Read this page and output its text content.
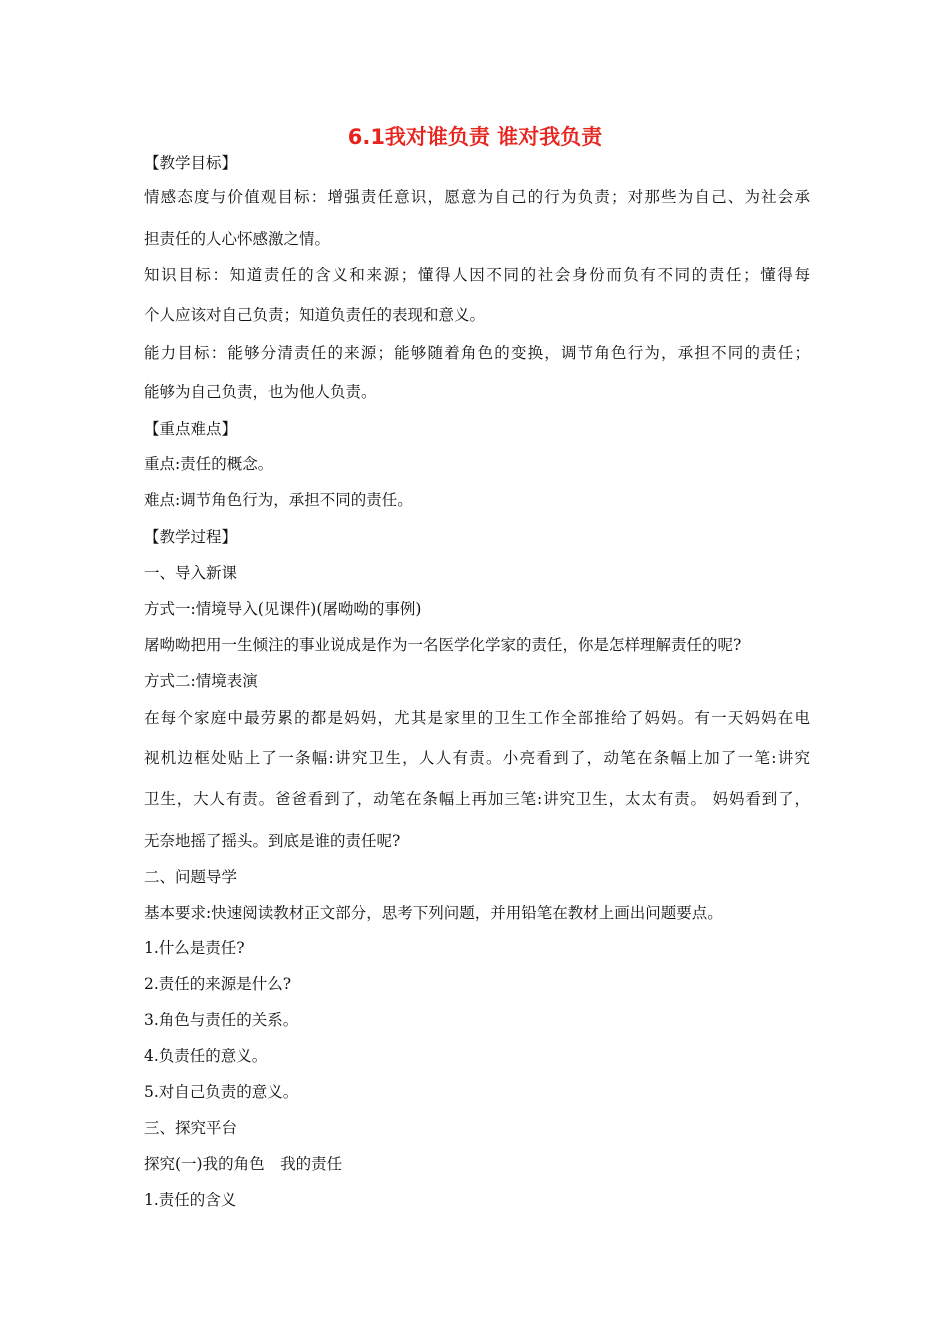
6.1我对谁负责 谁对我负责
【教学目标】
情感态度与价值观目标：增强责任意识，愿意为自己的行为负责；对那些为自己、为社会承
担责任的人心怀感激之情。
知识目标：知道责任的含义和来源；懂得人因不同的社会身份而负有不同的责任；懂得每
个人应该对自己负责；知道负责任的表现和意义。
能力目标：能够分清责任的来源；能够随着角色的变换，调节角色行为，承担不同的责任；
能够为自己负责，也为他人负责。
【重点难点】
重点:责任的概念。
难点:调节角色行为，承担不同的责任。
【教学过程】
一、导入新课
方式一:情境导入(见课件)(屠呦呦的事例)
屠呦呦把用一生倾注的事业说成是作为一名医学化学家的责任，你是怎样理解责任的呢?
方式二:情境表演
在每个家庭中最劳累的都是妈妈，尤其是家里的卫生工作全部推给了妈妈。有一天妈妈在电
视机边框处贴上了一条幅:讲究卫生，人人有责。小亮看到了，动笔在条幅上加了一笔:讲究
卫生，大人有责。爸爸看到了，动笔在条幅上再加三笔:讲究卫生，太太有责。 妈妈看到了，
无奈地摇了摇头。到底是谁的责任呢?
二、问题导学
基本要求:快速阅读教材正文部分，思考下列问题，并用铅笔在教材上画出问题要点。
1.什么是责任?
2.责任的来源是什么?
3.角色与责任的关系。
4.负责任的意义。
5.对自己负责的意义。
三、探究平台
探究(一)我的角色　我的责任
1.责任的含义
